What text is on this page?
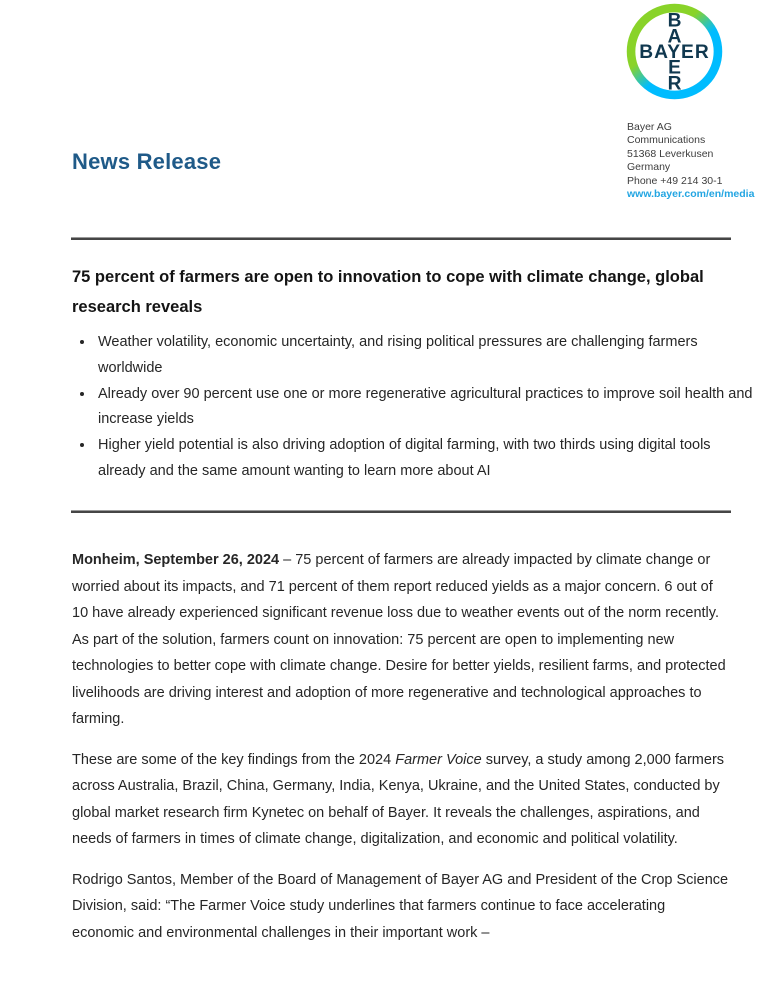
B
A
BAYER
E
R
Bayer AG
Communications
51368 Leverkusen
Germany
Phone +49 214 30-1
www.bayer.com/en/media
News Release
75 percent of farmers are open to innovation to cope with climate change, global research reveals
• Weather volatility, economic uncertainty, and rising political pressures are challenging farmers worldwide
• Already over 90 percent use one or more regenerative agricultural practices to improve soil health and increase yields
• Higher yield potential is also driving adoption of digital farming, with two thirds using digital tools already and the same amount wanting to learn more about AI

Monheim, September 26, 2024 – 75 percent of farmers are already impacted by climate change or worried about its impacts, and 71 percent of them report reduced yields as a major concern. 6 out of 10 have already experienced significant revenue loss due to weather events out of the norm recently. As part of the solution, farmers count on innovation: 75 percent are open to implementing new technologies to better cope with climate change. Desire for better yields, resilient farms, and protected livelihoods are driving interest and adoption of more regenerative and technological approaches to farming.

These are some of the key findings from the 2024 Farmer Voice survey, a study among 2,000 farmers across Australia, Brazil, China, Germany, India, Kenya, Ukraine, and the United States, conducted by global market research firm Kynetec on behalf of Bayer. It reveals the challenges, aspirations, and needs of farmers in times of climate change, digitalization, and economic and political volatility.

Rodrigo Santos, Member of the Board of Management of Bayer AG and President of the Crop Science Division, said: “The Farmer Voice study underlines that farmers continue to face accelerating economic and environmental challenges in their important work –
